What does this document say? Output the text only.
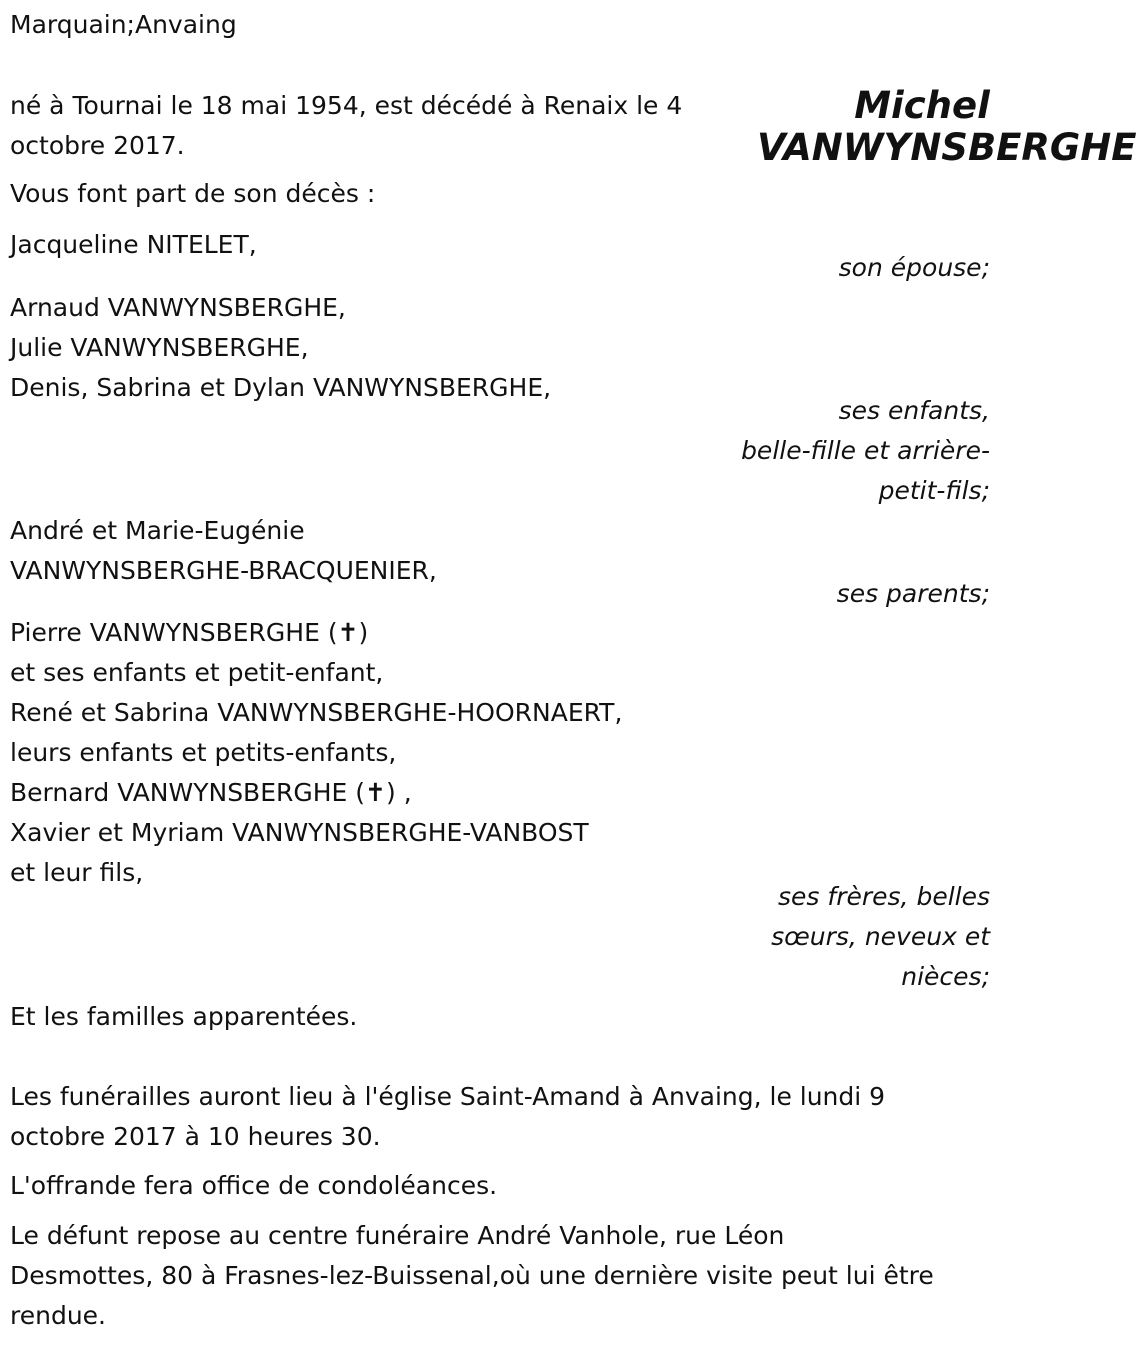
Marquain;Anvaing
Michel
VANWYNSBERGHE
né à Tournai le 18 mai 1954, est décédé à Renaix le 4
octobre 2017.
Vous font part de son décès :
Jacqueline NITELET,
son épouse;
Arnaud VANWYNSBERGHE,
Julie VANWYNSBERGHE,
Denis, Sabrina et Dylan VANWYNSBERGHE,
ses enfants,
belle-fille et arrière-
petit-fils;
André et Marie-Eugénie
VANWYNSBERGHE-BRACQUENIER,
ses parents;
Pierre VANWYNSBERGHE (✝)
et ses enfants et petit-enfant,
René et Sabrina VANWYNSBERGHE-HOORNAERT,
leurs enfants et petits-enfants,
Bernard VANWYNSBERGHE (✝) ,
Xavier et Myriam VANWYNSBERGHE-VANBOST
et leur fils,
ses frères, belles
sœurs, neveux et
nièces;
Et les familles apparentées.
Les funérailles auront lieu à l'église Saint-Amand à Anvaing, le lundi 9
octobre 2017 à 10 heures 30.
L'offrande fera office de condoléances.
Le défunt repose au centre funéraire André Vanhole, rue Léon
Desmottes, 80 à Frasnes-lez-Buissenal,où une dernière visite peut lui être
rendue.
